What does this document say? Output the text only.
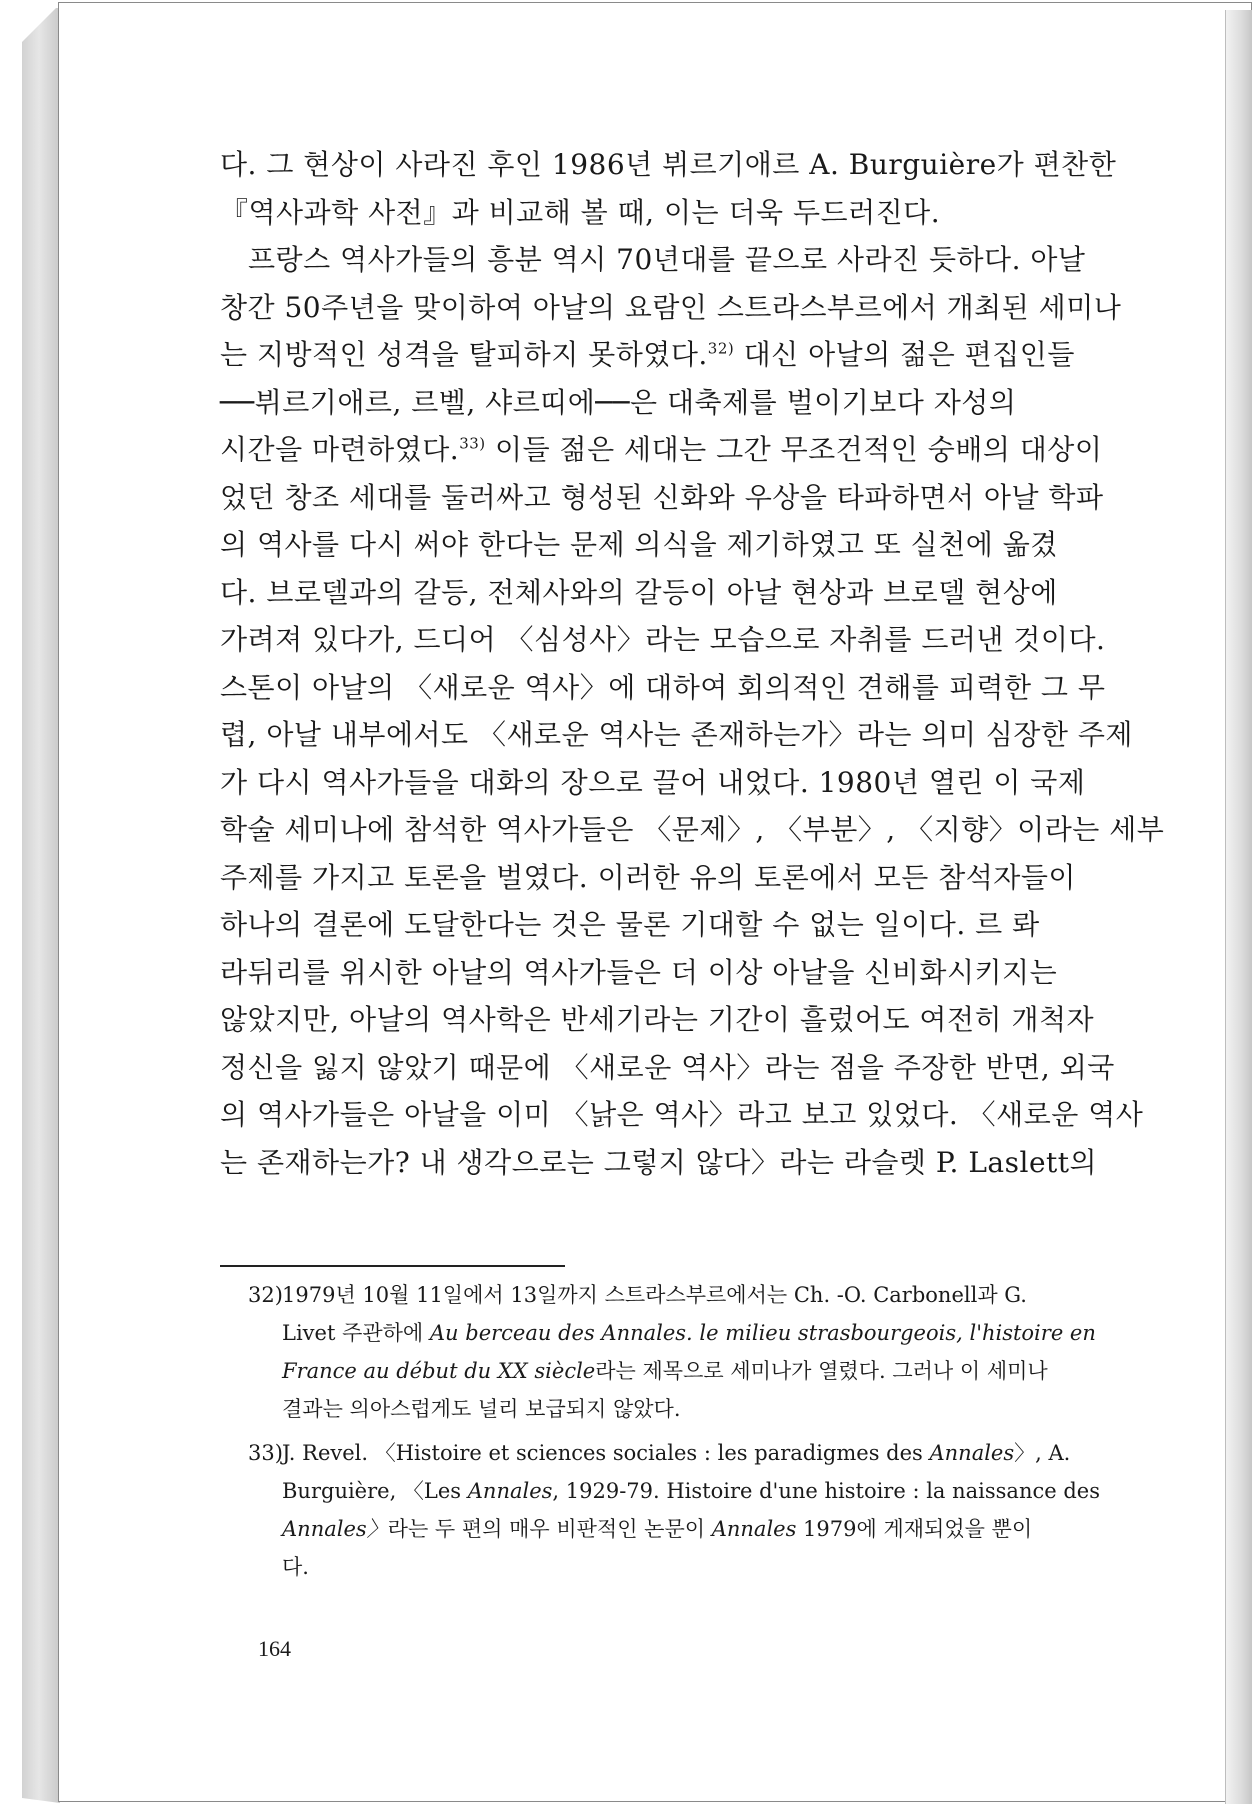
다. 그 현상이 사라진 후인 1986년 뷔르기애르 A. Burguière가 편찬한
『역사과학 사전』과 비교해 볼 때, 이는 더욱 두드러진다.
프랑스 역사가들의 흥분 역시 70년대를 끝으로 사라진 듯하다. 아날
창간 50주년을 맞이하여 아날의 요람인 스트라스부르에서 개최된 세미나
는 지방적인 성격을 탈피하지 못하였다.$^{32)}$ 대신 아날의 젊은 편집인들
──뷔르기애르, 르벨, 샤르띠에──은 대축제를 벌이기보다 자성의
시간을 마련하였다.$^{33)}$ 이들 젊은 세대는 그간 무조건적인 숭배의 대상이
었던 창조 세대를 둘러싸고 형성된 신화와 우상을 타파하면서 아날 학파
의 역사를 다시 써야 한다는 문제 의식을 제기하였고 또 실천에 옮겼
다. 브로델과의 갈등, 전체사와의 갈등이 아날 현상과 브로델 현상에
가려져 있다가, 드디어 〈심성사〉라는 모습으로 자취를 드러낸 것이다.
스톤이 아날의 〈새로운 역사〉에 대하여 회의적인 견해를 피력한 그 무
렵, 아날 내부에서도 〈새로운 역사는 존재하는가〉라는 의미 심장한 주제
가 다시 역사가들을 대화의 장으로 끌어 내었다. 1980년 열린 이 국제
학술 세미나에 참석한 역사가들은 〈문제〉, 〈부분〉, 〈지향〉이라는 세부
주제를 가지고 토론을 벌였다. 이러한 유의 토론에서 모든 참석자들이
하나의 결론에 도달한다는 것은 물론 기대할 수 없는 일이다. 르 롸
라뒤리를 위시한 아날의 역사가들은 더 이상 아날을 신비화시키지는
않았지만, 아날의 역사학은 반세기라는 기간이 흘렀어도 여전히 개척자
정신을 잃지 않았기 때문에 〈새로운 역사〉라는 점을 주장한 반면, 외국
의 역사가들은 아날을 이미 〈낡은 역사〉라고 보고 있었다. 〈새로운 역사
는 존재하는가? 내 생각으로는 그렇지 않다〉라는 라슬렛 P. Laslett의
32) 1979년 10월 11일에서 13일까지 스트라스부르에서는 Ch. -O. Carbonell과 G.
Livet 주관하에 Au berceau des Annales. le milieu strasbourgeois, l'histoire en
France au début du XX siècle라는 제목으로 세미나가 열렸다. 그러나 이 세미나
결과는 의아스럽게도 널리 보급되지 않았다.
33) J. Revel. 〈Histoire et sciences sociales : les paradigmes des Annales〉, A.
Burguière, 〈Les Annales, 1929-79. Histoire d'une histoire : la naissance des
Annales〉라는 두 편의 매우 비판적인 논문이 Annales 1979에 게재되었을 뿐이
다.
164
